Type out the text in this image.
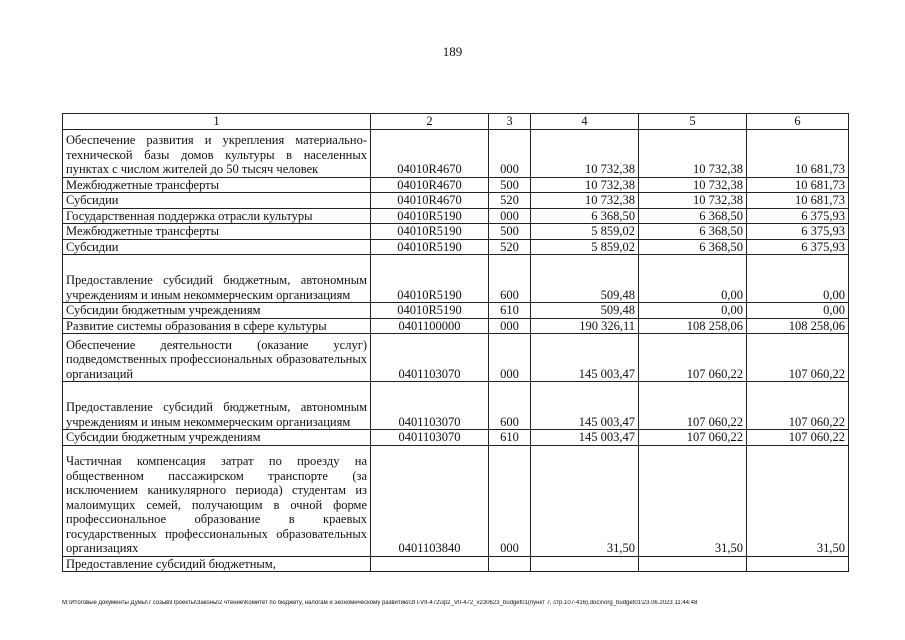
189
1	2	3	4	5	6
Обеспечение развития и укрепления материально-технической базы домов культуры в населенных пунктах с числом жителей до 50 тысяч человек	04010R4670	000	10 732,38	10 732,38	10 681,73
Межбюджетные трансферты	04010R4670	500	10 732,38	10 732,38	10 681,73
Субсидии	04010R4670	520	10 732,38	10 732,38	10 681,73
Государственная поддержка отрасли культуры	04010R5190	000	6 368,50	6 368,50	6 375,93
Межбюджетные трансферты	04010R5190	500	5 859,02	6 368,50	6 375,93
Субсидии	04010R5190	520	5 859,02	6 368,50	6 375,93
Предоставление субсидий бюджетным, автономным учреждениям и иным некоммерческим организациям	04010R5190	600	509,48	0,00	0,00
Субсидии бюджетным учреждениям	04010R5190	610	509,48	0,00	0,00
Развитие системы образования в сфере культуры	0401100000	000	190 326,11	108 258,06	108 258,06
Обеспечение деятельности (оказание услуг) подведомственных профессиональных образовательных организаций	0401103070	000	145 003,47	107 060,22	107 060,22
Предоставление субсидий бюджетным, автономным учреждениям и иным некоммерческим организациям	0401103070	600	145 003,47	107 060,22	107 060,22
Субсидии бюджетным учреждениям	0401103070	610	145 003,47	107 060,22	107 060,22
Частичная компенсация затрат по проезду на общественном пассажирском транспорте (за исключением каникулярного периода) студентам из малоимущих семей, получающим в очной форме профессиональное образование в краевых государственных профессиональных образовательных организациях	0401103840	000	31,50	31,50	31,50
Предоставление субсидий бюджетным,					
М:\Итоговые документы Думы\7 созыв\Проекты\Законы\2 чтение\Комитет по бюджету, налогам и экономическому развитию\ЗП-VII-472\зр2_VII-472_v230623_budget01(пункт 7, стр.107-416).docx\org_budget01\23.06.2023 11:44:48
